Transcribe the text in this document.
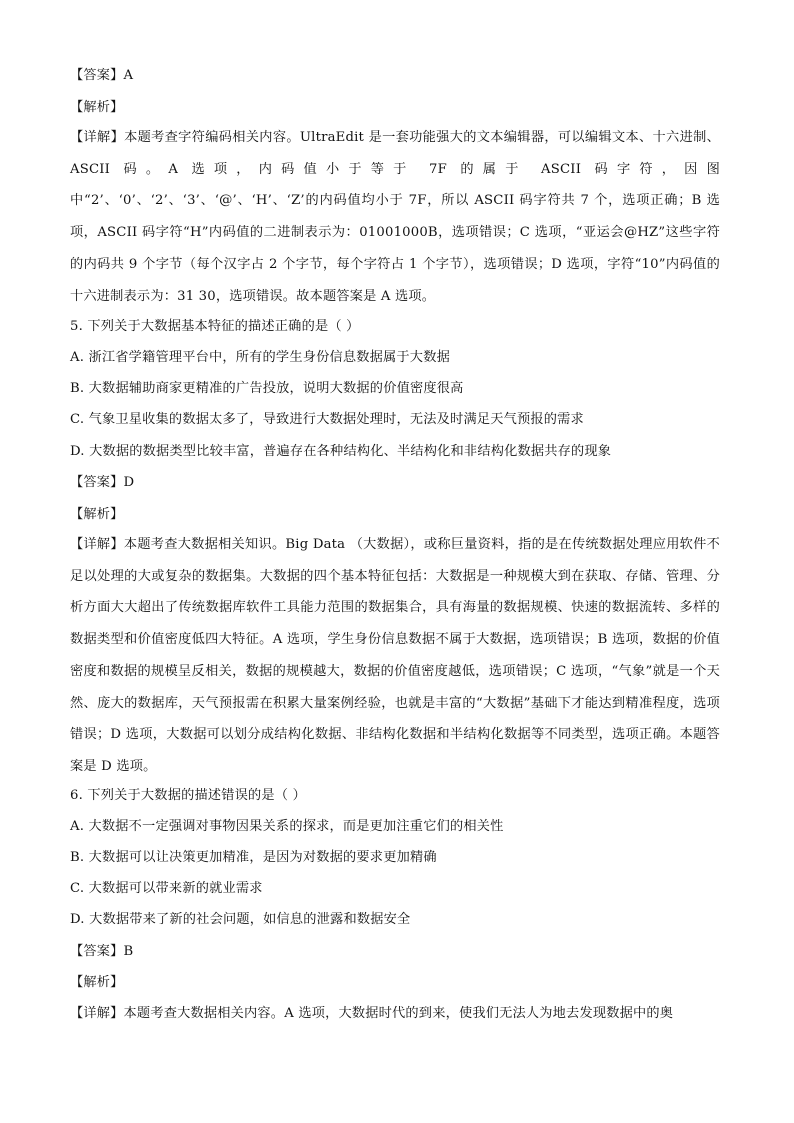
【答案】A
【解析】
【详解】本题考查字符编码相关内容。UltraEdit 是一套功能强大的文本编辑器，可以编辑文本、十六进制、ASCII 码。A 选项，内码值小于等于 7F 的属于 ASCII 码字符，因图中“2’、‘0’、‘2’、‘3’、‘@’、‘H’、‘Z’的内码值均小于 7F，所以 ASCII 码字符共 7 个，选项正确；B 选项，ASCII 码字符“H”内码值的二进制表示为：01001000B，选项错误；C 选项，“亚运会@HZ”这些字符的内码共 9 个字节（每个汉字占 2 个字节，每个字符占 1 个字节），选项错误；D 选项，字符“10”内码值的十六进制表示为：31 30，选项错误。故本题答案是 A 选项。
5. 下列关于大数据基本特征的描述正确的是（ ）
A. 浙江省学籍管理平台中，所有的学生身份信息数据属于大数据
B. 大数据辅助商家更精准的广告投放，说明大数据的价值密度很高
C. 气象卫星收集的数据太多了，导致进行大数据处理时，无法及时满足天气预报的需求
D. 大数据的数据类型比较丰富，普遍存在各种结构化、半结构化和非结构化数据共存的现象
【答案】D
【解析】
【详解】本题考查大数据相关知识。Big Data （大数据），或称巨量资料，指的是在传统数据处理应用软件不足以处理的大或复杂的数据集。大数据的四个基本特征包括：大数据是一种规模大到在获取、存储、管理、分析方面大大超出了传统数据库软件工具能力范围的数据集合，具有海量的数据规模、快速的数据流转、多样的数据类型和价值密度低四大特征。A 选项，学生身份信息数据不属于大数据，选项错误；B 选项，数据的价值密度和数据的规模呈反相关，数据的规模越大，数据的价值密度越低，选项错误；C 选项，“气象”就是一个天然、庞大的数据库，天气预报需在积累大量案例经验，也就是丰富的“大数据”基础下才能达到精准程度，选项错误；D 选项，大数据可以划分成结构化数据、非结构化数据和半结构化数据等不同类型，选项正确。本题答案是 D 选项。
6. 下列关于大数据的描述错误的是（ ）
A. 大数据不一定强调对事物因果关系的探求，而是更加注重它们的相关性
B. 大数据可以让决策更加精准，是因为对数据的要求更加精确
C. 大数据可以带来新的就业需求
D. 大数据带来了新的社会问题，如信息的泄露和数据安全
【答案】B
【解析】
【详解】本题考查大数据相关内容。A 选项，大数据时代的到来，使我们无法人为地去发现数据中的奥
